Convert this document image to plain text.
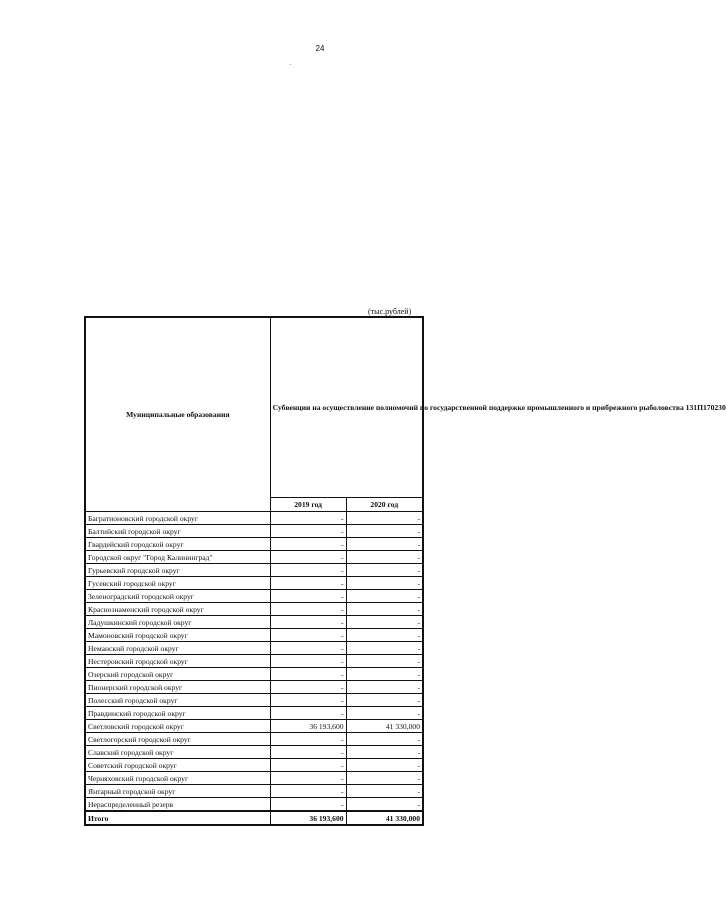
24
(тыс.рублей)
Муниципальные образования	Субвенции на осуществление полномочий по государственной поддержке промышленного и прибрежного рыболовства 131П170230	
	2019 год	2020 год
Багратионовский городской округ	-	-
Балтийский городской округ	-	-
Гвардейский городской округ	-	-
Городской округ "Город Калининград"	-	-
Гурьевский городской округ	-	-
Гусевский городской округ	-	-
Зеленоградский городской округ	-	-
Краснознаменский городской округ	-	-
Ладушкинский городской округ	-	-
Мамоновский городской округ	-	-
Неманский городской округ	-	-
Нестеровский городской округ	-	-
Озерский городской округ	-	-
Пионерский городской округ	-	-
Полесский городской округ	-	-
Правдинский городской округ	-	-
Светловский городской округ	36 193,600	41 330,000
Светлогорский городской округ	-	-
Славский городской округ	-	-
Советский городской округ	-	-
Черняховский городской округ	-	-
Янтарный городской округ	-	-
Нераспределенный резерв	-	-
Итого	36 193,600	41 330,000
